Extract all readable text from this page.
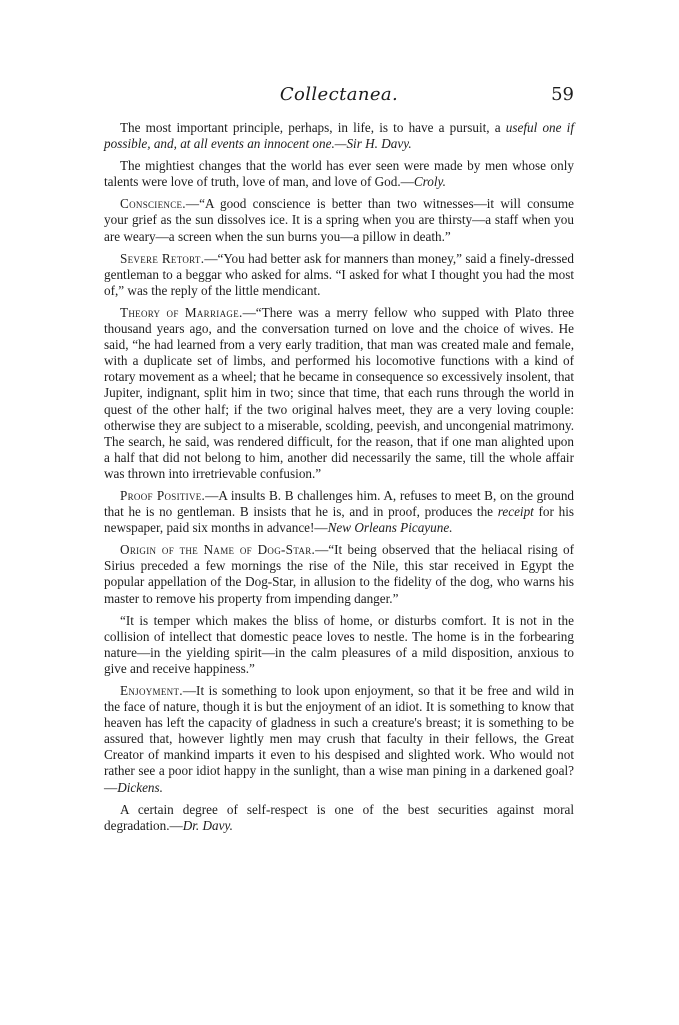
Collectanea.	59

The most important principle, perhaps, in life, is to have a pursuit, a useful one if possible, and, at all events an innocent one.—Sir H. Davy.

The mightiest changes that the world has ever seen were made by men whose only talents were love of truth, love of man, and love of God.—Croly.

Conscience.—“A good conscience is better than two witnesses—it will consume your grief as the sun dissolves ice. It is a spring when you are thirsty—a staff when you are weary—a screen when the sun burns you—a pillow in death.”

Severe Retort.—“You had better ask for manners than money,” said a finely-dressed gentleman to a beggar who asked for alms. “I asked for what I thought you had the most of,” was the reply of the little mendicant.

Theory of Marriage.—“There was a merry fellow who supped with Plato three thousand years ago, and the conversation turned on love and the choice of wives. He said, “he had learned from a very early tradition, that man was created male and female, with a duplicate set of limbs, and performed his locomotive functions with a kind of rotary movement as a wheel; that he became in consequence so excessively insolent, that Jupiter, indignant, split him in two; since that time, that each runs through the world in quest of the other half; if the two original halves meet, they are a very loving couple: otherwise they are subject to a miserable, scolding, peevish, and uncongenial matrimony. The search, he said, was rendered difficult, for the reason, that if one man alighted upon a half that did not belong to him, another did necessarily the same, till the whole affair was thrown into irretrievable confusion.”

Proof Positive.—A insults B. B challenges him. A, refuses to meet B, on the ground that he is no gentleman. B insists that he is, and in proof, produces the receipt for his newspaper, paid six months in advance!—New Orleans Picayune.

Origin of the Name of Dog-Star.—“It being observed that the heliacal rising of Sirius preceded a few mornings the rise of the Nile, this star received in Egypt the popular appellation of the Dog-Star, in allusion to the fidelity of the dog, who warns his master to remove his property from impending danger.”

“It is temper which makes the bliss of home, or disturbs comfort. It is not in the collision of intellect that domestic peace loves to nestle. The home is in the forbearing nature—in the yielding spirit—in the calm pleasures of a mild disposition, anxious to give and receive happiness.”

Enjoyment.—It is something to look upon enjoyment, so that it be free and wild in the face of nature, though it is but the enjoyment of an idiot. It is something to know that heaven has left the capacity of gladness in such a creature's breast; it is something to be assured that, however lightly men may crush that faculty in their fellows, the Great Creator of mankind imparts it even to his despised and slighted work. Who would not rather see a poor idiot happy in the sunlight, than a wise man pining in a darkened goal?—Dickens.

A certain degree of self-respect is one of the best securities against moral degradation.—Dr. Davy.
